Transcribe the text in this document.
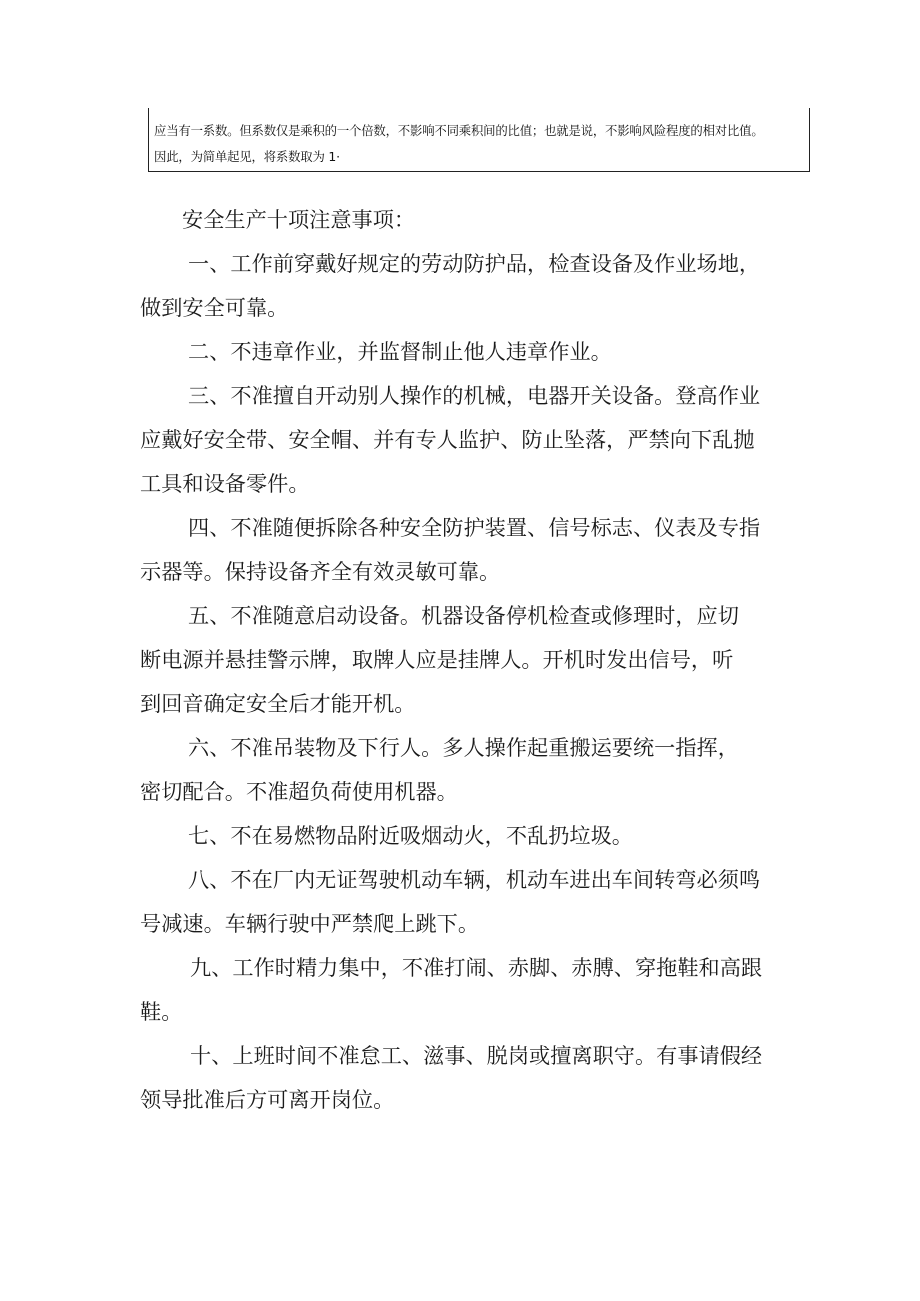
应当有一系数。但系数仅是乘积的一个倍数，不影响不同乘积间的比值；也就是说，不影响风险程度的相对比值。
因此，为简单起见，将系数取为 1·
安全生产十项注意事项：
一、工作前穿戴好规定的劳动防护品，检查设备及作业场地，
做到安全可靠。
二、不违章作业，并监督制止他人违章作业。
三、不准擅自开动别人操作的机械，电器开关设备。登高作业
应戴好安全带、安全帽、并有专人监护、防止坠落，严禁向下乱抛
工具和设备零件。
四、不准随便拆除各种安全防护装置、信号标志、仪表及专指
示器等。保持设备齐全有效灵敏可靠。
五、不准随意启动设备。机器设备停机检查或修理时，应切
断电源并悬挂警示牌，取牌人应是挂牌人。开机时发出信号，听
到回音确定安全后才能开机。
六、不准吊装物及下行人。多人操作起重搬运要统一指挥，
密切配合。不准超负荷使用机器。
七、不在易燃物品附近吸烟动火，不乱扔垃圾。
八、不在厂内无证驾驶机动车辆，机动车进出车间转弯必须鸣
号减速。车辆行驶中严禁爬上跳下。
九、工作时精力集中，不准打闹、赤脚、赤膊、穿拖鞋和高跟
鞋。
十、上班时间不准怠工、滋事、脱岗或擅离职守。有事请假经
领导批准后方可离开岗位。
